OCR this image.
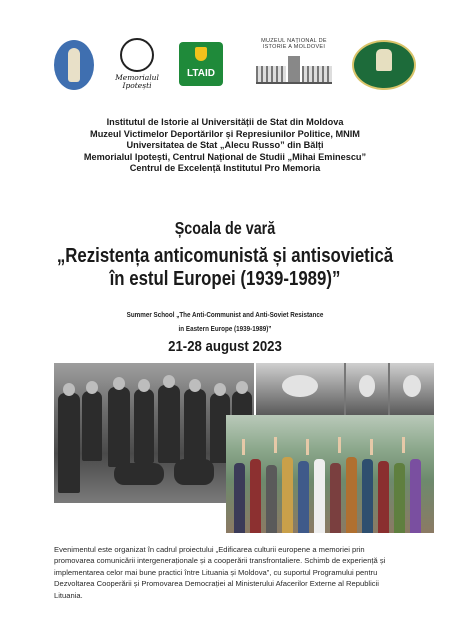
Memorialul
Ipotești
LTAID
MUZEUL NAȚIONAL DE ISTORIE A MOLDOVEI
Institutul de Istorie al Universității de Stat din Moldova
Muzeul Victimelor Deportărilor și Represiunilor Politice, MNIM
Universitatea de Stat „Alecu Russo” din Bălți
Memorialul Ipotești, Centrul Național de Studii „Mihai Eminescu”
Centrul de Excelență Institutul Pro Memoria
Școala de vară
„Rezistența anticomunistă și antisovietică
în estul Europei (1939-1989)”
Summer School „The Anti-Communist and Anti-Soviet Resistance
in Eastern Europe (1939-1989)”
21-28 august 2023
Evenimentul este organizat în cadrul proiectului „Edificarea culturii europene a memoriei prin promovarea comunicării intergeneraționale și a cooperării transfrontaliere. Schimb de experiență și implementarea celor mai bune practici între Lituania și Moldova”, cu suportul Programului pentru Dezvoltarea Cooperării și Promovarea Democrației al Ministerului Afacerilor Externe al Republicii Lituania.
